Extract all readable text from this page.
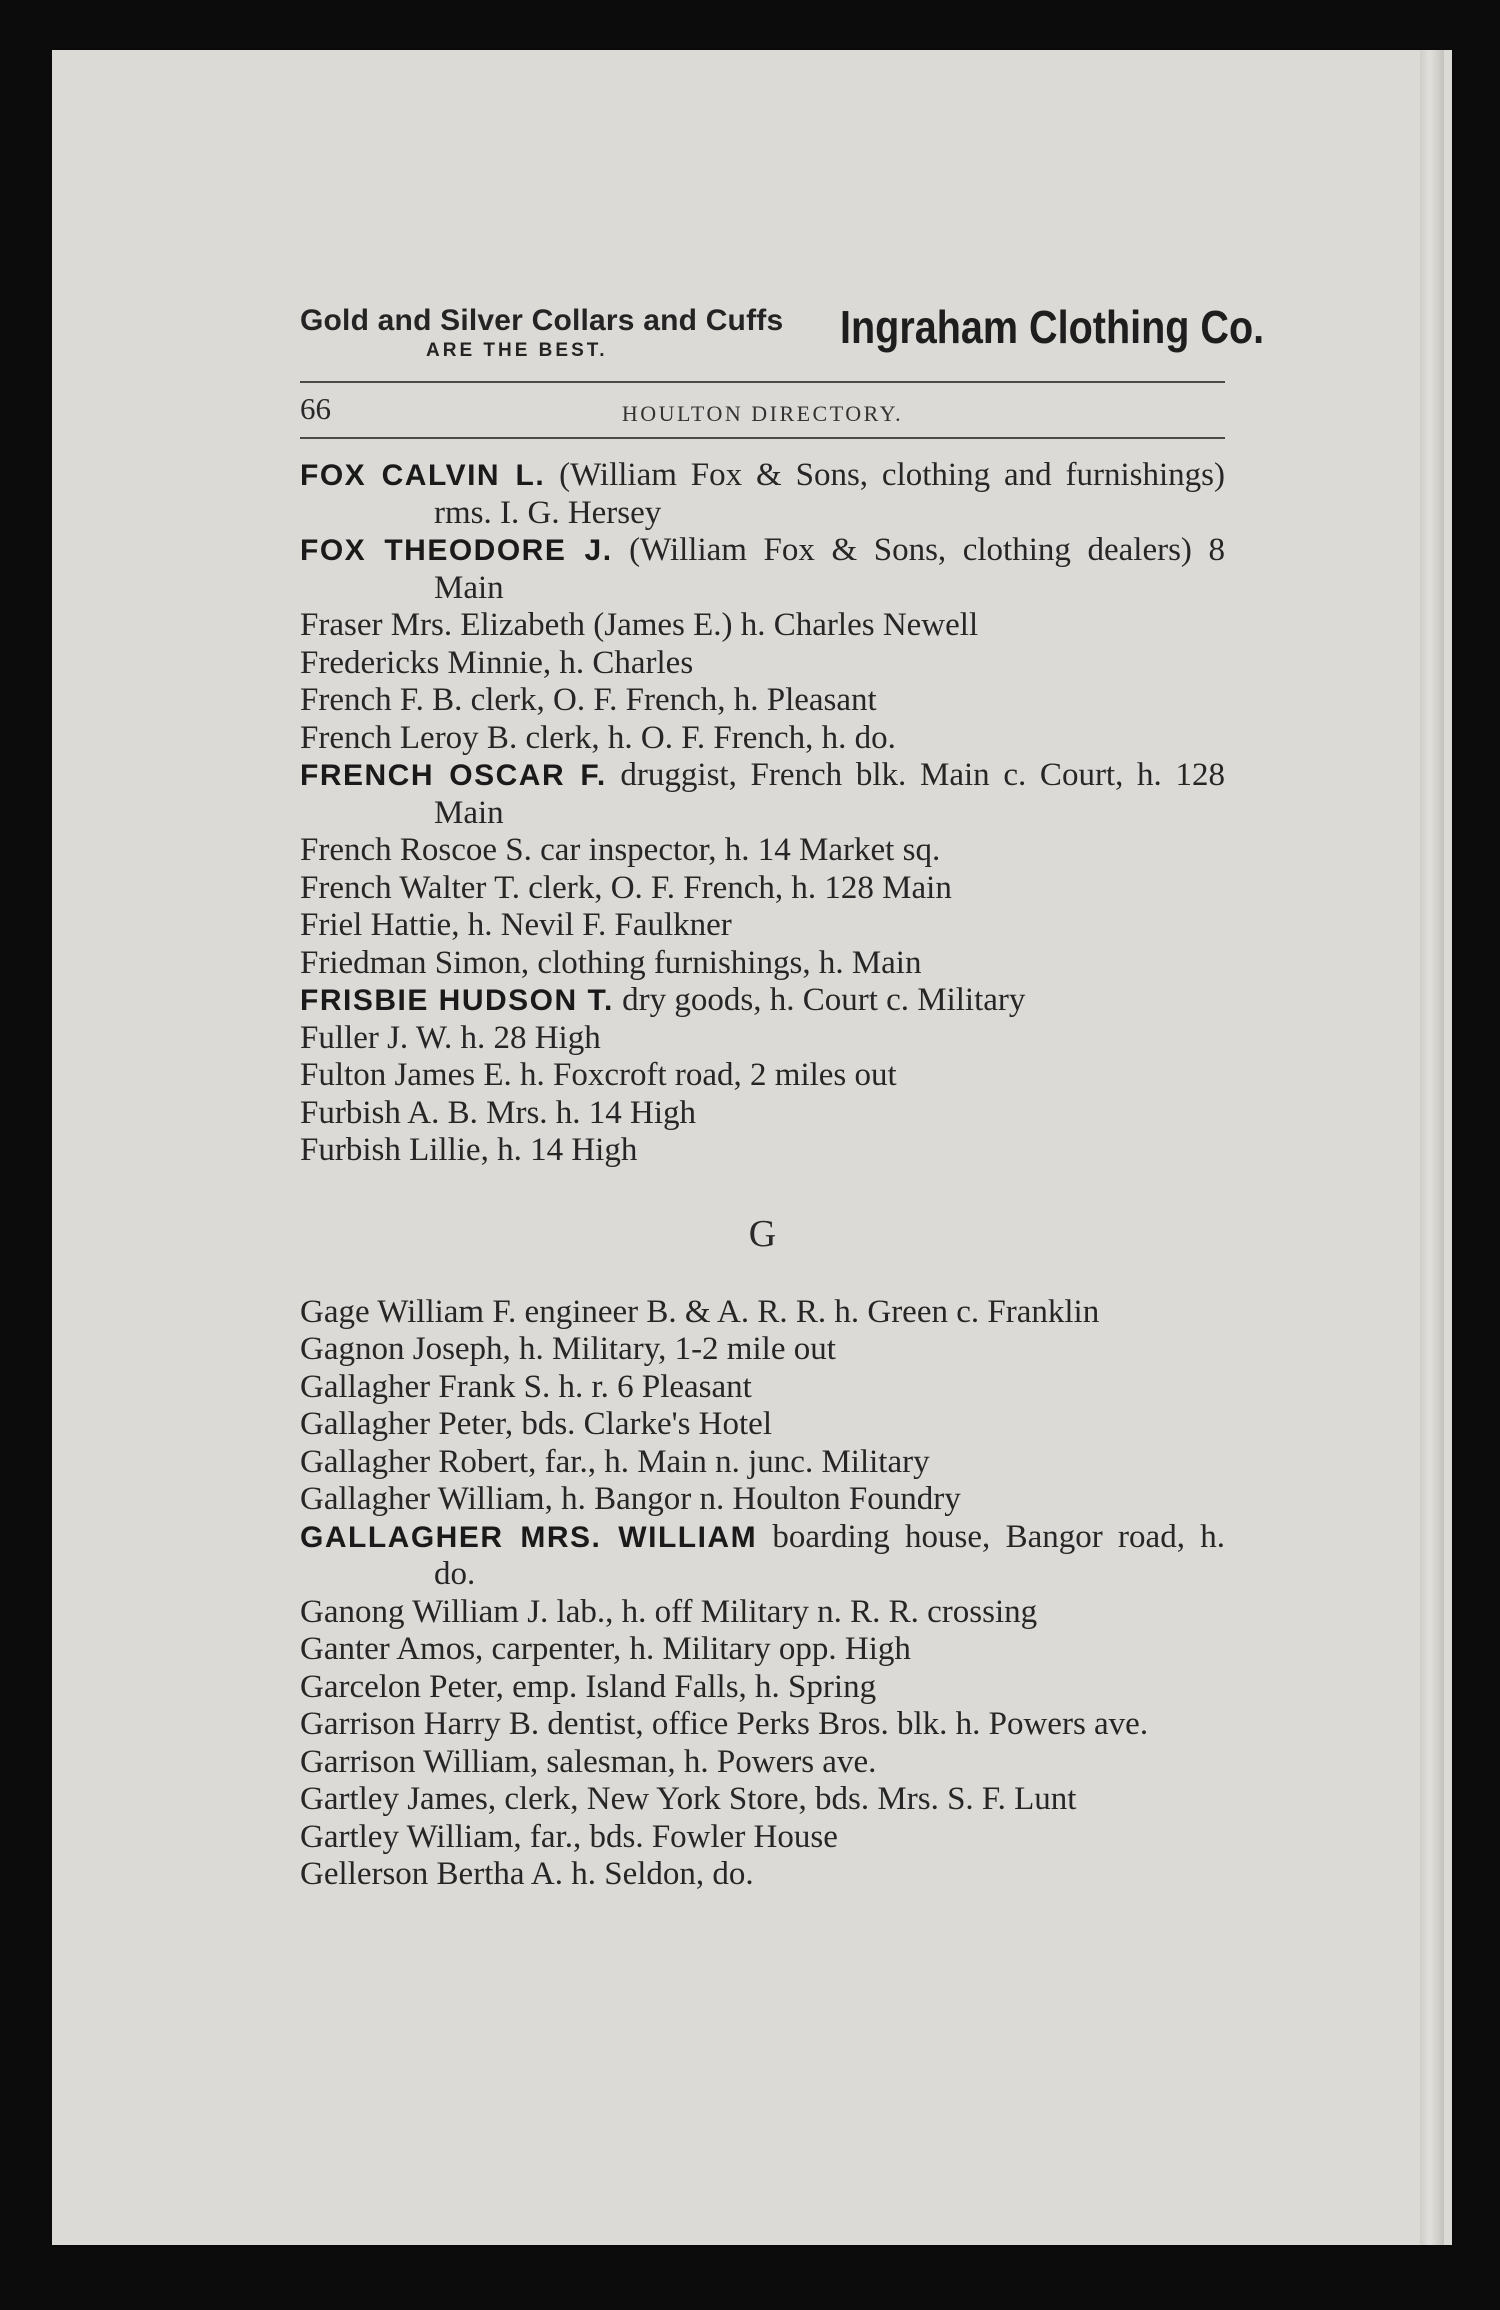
Gold and Silver Collars and Cuffs
ARE THE BEST.	Ingraham Clothing Co.
66	HOULTON DIRECTORY.
FOX CALVIN L. (William Fox & Sons, clothing and furnishings) rms. I. G. Hersey
FOX THEODORE J. (William Fox & Sons, clothing dealers) 8 Main
Fraser Mrs. Elizabeth (James E.) h. Charles Newell
Fredericks Minnie, h. Charles
French F. B. clerk, O. F. French, h. Pleasant
French Leroy B. clerk, h. O. F. French, h. do.
FRENCH OSCAR F. druggist, French blk. Main c. Court, h. 128 Main
French Roscoe S. car inspector, h. 14 Market sq.
French Walter T. clerk, O. F. French, h. 128 Main
Friel Hattie, h. Nevil F. Faulkner
Friedman Simon, clothing furnishings, h. Main
FRISBIE HUDSON T. dry goods, h. Court c. Military
Fuller J. W. h. 28 High
Fulton James E. h. Foxcroft road, 2 miles out
Furbish A. B. Mrs. h. 14 High
Furbish Lillie, h. 14 High
G
Gage William F. engineer B. & A. R. R. h. Green c. Franklin
Gagnon Joseph, h. Military, 1-2 mile out
Gallagher Frank S. h. r. 6 Pleasant
Gallagher Peter, bds. Clarke's Hotel
Gallagher Robert, far., h. Main n. junc. Military
Gallagher William, h. Bangor n. Houlton Foundry
GALLAGHER MRS. WILLIAM boarding house, Bangor road, h. do.
Ganong William J. lab., h. off Military n. R. R. crossing
Ganter Amos, carpenter, h. Military opp. High
Garcelon Peter, emp. Island Falls, h. Spring
Garrison Harry B. dentist, office Perks Bros. blk. h. Powers ave.
Garrison William, salesman, h. Powers ave.
Gartley James, clerk, New York Store, bds. Mrs. S. F. Lunt
Gartley William, far., bds. Fowler House
Gellerson Bertha A. h. Seldon, do.
